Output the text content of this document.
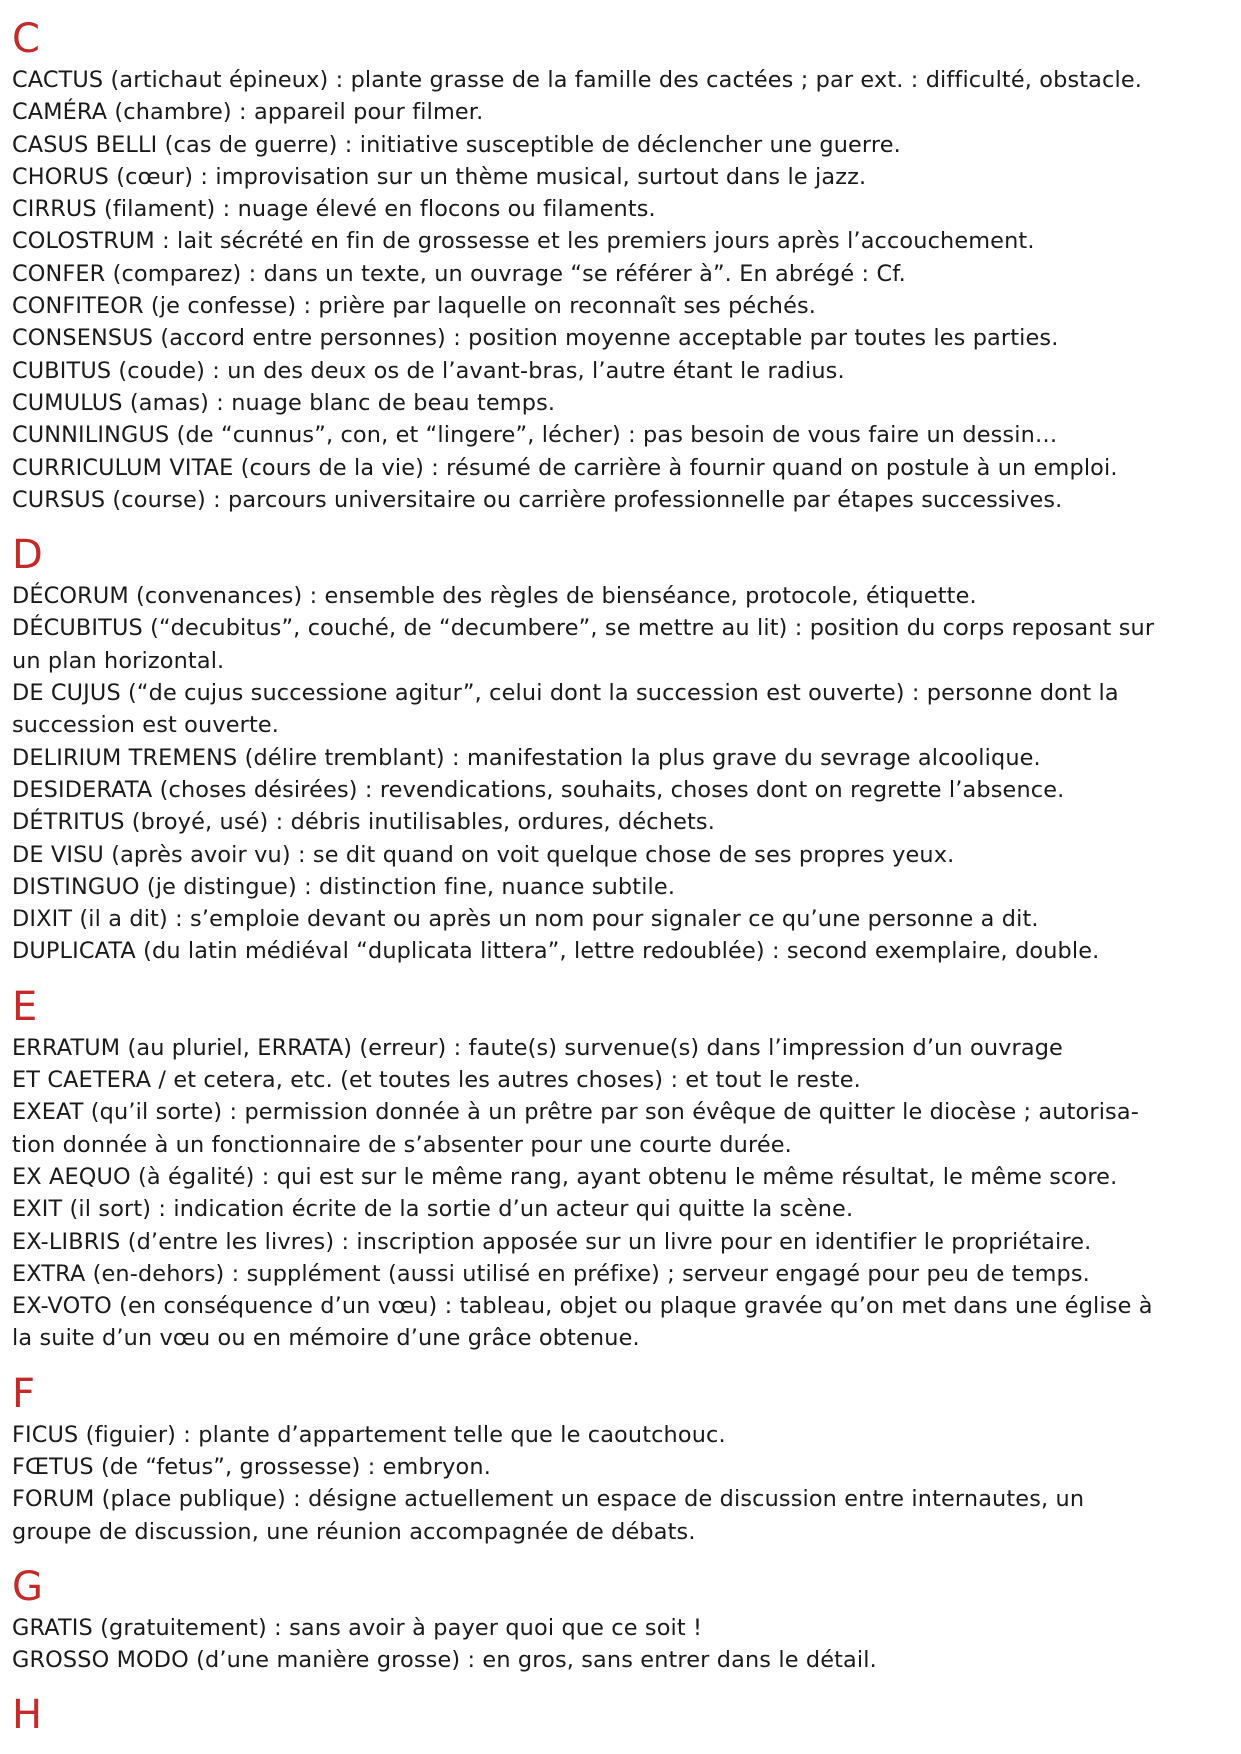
C
CACTUS (artichaut épineux) : plante grasse de la famille des cactées ; par ext. : difficulté, obstacle.
CAMÉRA (chambre) : appareil pour filmer.
CASUS BELLI (cas de guerre) : initiative susceptible de déclencher une guerre.
CHORUS (cœur) : improvisation sur un thème musical, surtout dans le jazz.
CIRRUS (filament) : nuage élevé en flocons ou filaments.
COLOSTRUM : lait sécrété en fin de grossesse et les premiers jours après l’accouchement.
CONFER (comparez) : dans un texte, un ouvrage “se référer à”. En abrégé : Cf.
CONFITEOR (je confesse) : prière par laquelle on reconnaît ses péchés.
CONSENSUS (accord entre personnes) : position moyenne acceptable par toutes les parties.
CUBITUS (coude) : un des deux os de l’avant-bras, l’autre étant le radius.
CUMULUS (amas) : nuage blanc de beau temps.
CUNNILINGUS (de “cunnus”, con, et “lingere”, lécher) : pas besoin de vous faire un dessin…
CURRICULUM VITAE (cours de la vie) : résumé de carrière à fournir quand on postule à un emploi.
CURSUS (course) : parcours universitaire ou carrière professionnelle par étapes successives.
D
DÉCORUM (convenances) : ensemble des règles de bienséance, protocole, étiquette.
DÉCUBITUS (“decubitus”, couché, de “decumbere”, se mettre au lit) : position du corps reposant sur
un plan horizontal.
DE CUJUS (“de cujus successione agitur”, celui dont la succession est ouverte) : personne dont la
succession est ouverte.
DELIRIUM TREMENS (délire tremblant) : manifestation la plus grave du sevrage alcoolique.
DESIDERATA (choses désirées) : revendications, souhaits, choses dont on regrette l’absence.
DÉTRITUS (broyé, usé) : débris inutilisables, ordures, déchets.
DE VISU (après avoir vu) : se dit quand on voit quelque chose de ses propres yeux.
DISTINGUO (je distingue) : distinction fine, nuance subtile.
DIXIT (il a dit) : s’emploie devant ou après un nom pour signaler ce qu’une personne a dit.
DUPLICATA (du latin médiéval “duplicata littera”, lettre redoublée) : second exemplaire, double.
E
ERRATUM (au pluriel, ERRATA) (erreur) : faute(s) survenue(s) dans l’impression d’un ouvrage
ET CAETERA / et cetera, etc. (et toutes les autres choses) : et tout le reste.
EXEAT (qu’il sorte) : permission donnée à un prêtre par son évêque de quitter le diocèse ; autorisa-
tion donnée à un fonctionnaire de s’absenter pour une courte durée.
EX AEQUO (à égalité) : qui est sur le même rang, ayant obtenu le même résultat, le même score.
EXIT (il sort) : indication écrite de la sortie d’un acteur qui quitte la scène.
EX-LIBRIS (d’entre les livres) : inscription apposée sur un livre pour en identifier le propriétaire.
EXTRA (en-dehors) : supplément (aussi utilisé en préfixe) ; serveur engagé pour peu de temps.
EX-VOTO (en conséquence d’un vœu) : tableau, objet ou plaque gravée qu’on met dans une église à
la suite d’un vœu ou en mémoire d’une grâce obtenue.
F
FICUS (figuier) : plante d’appartement telle que le caoutchouc.
FŒTUS (de “fetus”, grossesse) : embryon.
FORUM (place publique) : désigne actuellement un espace de discussion entre internautes, un
groupe de discussion, une réunion accompagnée de débats.
G
GRATIS (gratuitement) : sans avoir à payer quoi que ce soit !
GROSSO MODO (d’une manière grosse) : en gros, sans entrer dans le détail.
H
